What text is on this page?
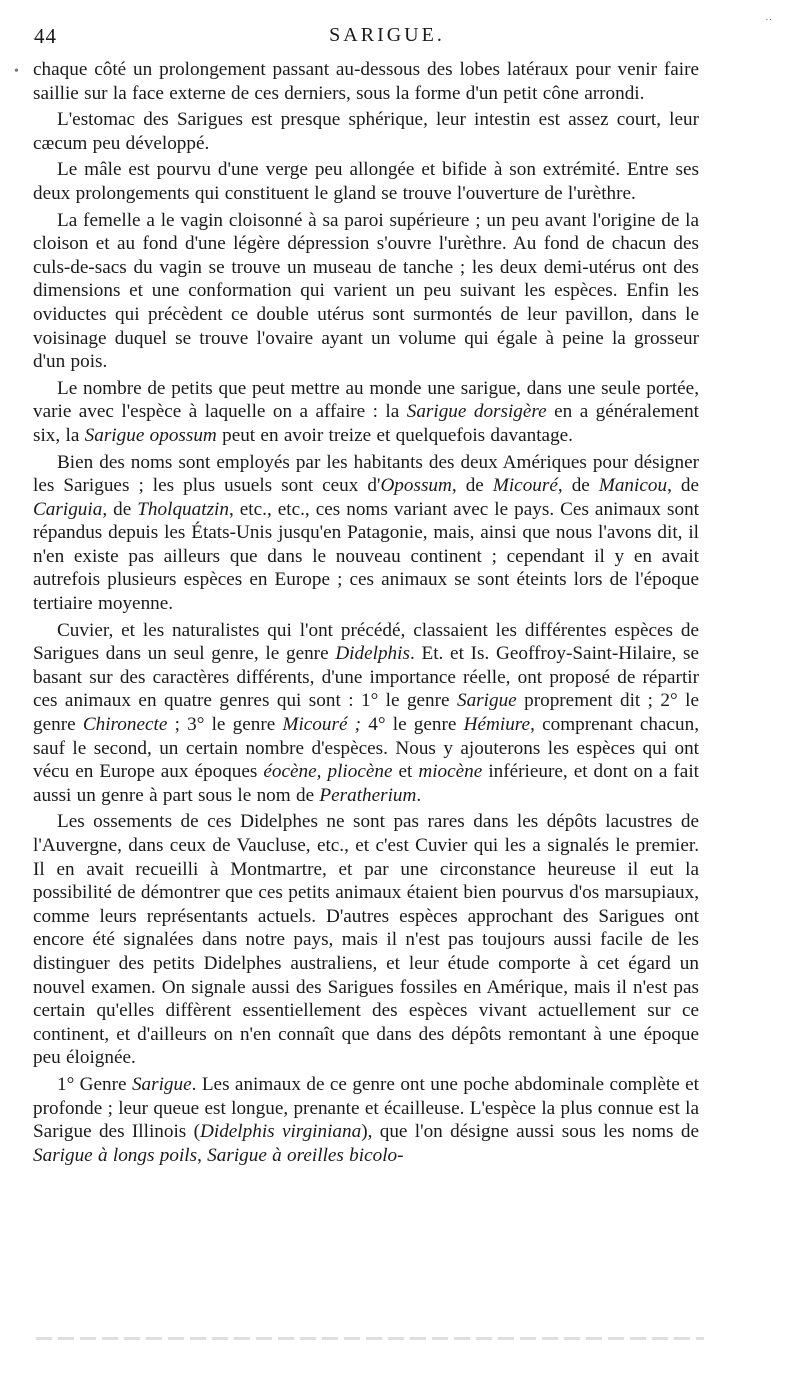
44	SARIGUE.
•
··

chaque côté un prolongement passant au-dessous des lobes latéraux pour venir faire saillie sur la face externe de ces derniers, sous la forme d'un petit cône arrondi.

L'estomac des Sarigues est presque sphérique, leur intestin est assez court, leur cæcum peu développé.

Le mâle est pourvu d'une verge peu allongée et bifide à son extrémité. Entre ses deux prolongements qui constituent le gland se trouve l'ouverture de l'urèthre.

La femelle a le vagin cloisonné à sa paroi supérieure ; un peu avant l'origine de la cloison et au fond d'une légère dépression s'ouvre l'urèthre. Au fond de chacun des culs-de-sacs du vagin se trouve un museau de tanche ; les deux demi-utérus ont des dimensions et une conformation qui varient un peu suivant les espèces. Enfin les oviductes qui précèdent ce double utérus sont surmontés de leur pavillon, dans le voisinage duquel se trouve l'ovaire ayant un volume qui égale à peine la grosseur d'un pois.

Le nombre de petits que peut mettre au monde une sarigue, dans une seule portée, varie avec l'espèce à laquelle on a affaire : la Sarigue dorsigère en a généralement six, la Sarigue opossum peut en avoir treize et quelquefois davantage.

Bien des noms sont employés par les habitants des deux Amériques pour désigner les Sarigues ; les plus usuels sont ceux d'Opossum, de Micouré, de Manicou, de Cariguia, de Tholquatzin, etc., etc., ces noms variant avec le pays. Ces animaux sont répandus depuis les États-Unis jusqu'en Patagonie, mais, ainsi que nous l'avons dit, il n'en existe pas ailleurs que dans le nouveau continent ; cependant il y en avait autrefois plusieurs espèces en Europe ; ces animaux se sont éteints lors de l'époque tertiaire moyenne.

Cuvier, et les naturalistes qui l'ont précédé, classaient les différentes espèces de Sarigues dans un seul genre, le genre Didelphis. Et. et Is. Geoffroy-Saint-Hilaire, se basant sur des caractères différents, d'une importance réelle, ont proposé de répartir ces animaux en quatre genres qui sont : 1° le genre Sarigue proprement dit ; 2° le genre Chironecte ; 3° le genre Micouré ; 4° le genre Hémiure, comprenant chacun, sauf le second, un certain nombre d'espèces. Nous y ajouterons les espèces qui ont vécu en Europe aux époques éocène, pliocène et miocène inférieure, et dont on a fait aussi un genre à part sous le nom de Peratherium.

Les ossements de ces Didelphes ne sont pas rares dans les dépôts lacustres de l'Auvergne, dans ceux de Vaucluse, etc., et c'est Cuvier qui les a signalés le premier. Il en avait recueilli à Montmartre, et par une circonstance heureuse il eut la possibilité de démontrer que ces petits animaux étaient bien pourvus d'os marsupiaux, comme leurs représentants actuels. D'autres espèces approchant des Sarigues ont encore été signalées dans notre pays, mais il n'est pas toujours aussi facile de les distinguer des petits Didelphes australiens, et leur étude comporte à cet égard un nouvel examen. On signale aussi des Sarigues fossiles en Amérique, mais il n'est pas certain qu'elles diffèrent essentiellement des espèces vivant actuellement sur ce continent, et d'ailleurs on n'en connaît que dans des dépôts remontant à une époque peu éloignée.

1° Genre Sarigue. Les animaux de ce genre ont une poche abdominale complète et profonde ; leur queue est longue, prenante et écailleuse. L'espèce la plus connue est la Sarigue des Illinois (Didelphis virginiana), que l'on désigne aussi sous les noms de Sarigue à longs poils, Sarigue à oreilles bicolo-
